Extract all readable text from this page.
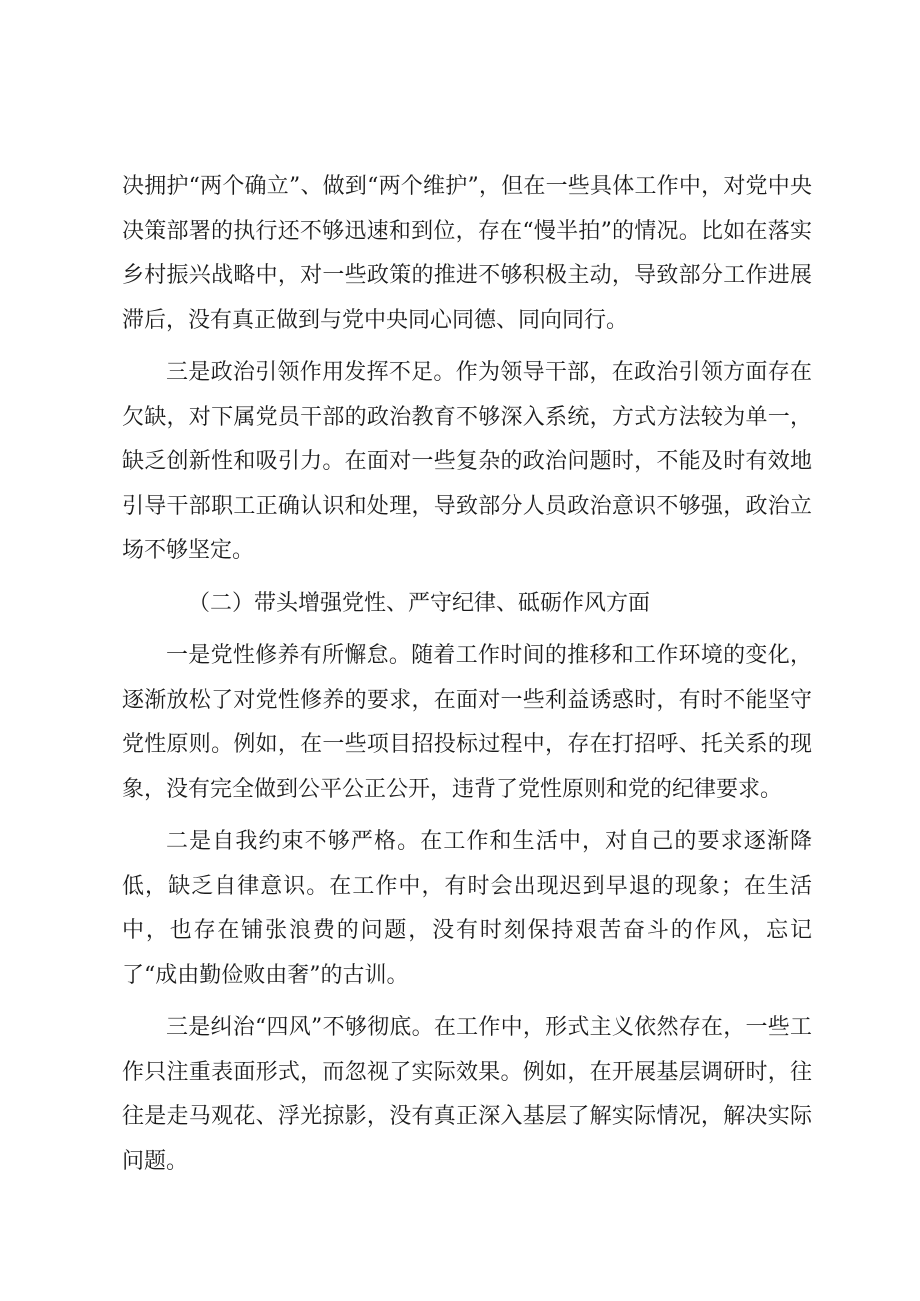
决拥护“两个确立”、做到“两个维护”，但在一些具体工作中，对党中央决策部署的执行还不够迅速和到位，存在“慢半拍”的情况。比如在落实乡村振兴战略中，对一些政策的推进不够积极主动，导致部分工作进展滞后，没有真正做到与党中央同心同德、同向同行。

三是政治引领作用发挥不足。作为领导干部，在政治引领方面存在欠缺，对下属党员干部的政治教育不够深入系统，方式方法较为单一，缺乏创新性和吸引力。在面对一些复杂的政治问题时，不能及时有效地引导干部职工正确认识和处理，导致部分人员政治意识不够强，政治立场不够坚定。

（二）带头增强党性、严守纪律、砥砺作风方面

一是党性修养有所懈怠。随着工作时间的推移和工作环境的变化，逐渐放松了对党性修养的要求，在面对一些利益诱惑时，有时不能坚守党性原则。例如，在一些项目招投标过程中，存在打招呼、托关系的现象，没有完全做到公平公正公开，违背了党性原则和党的纪律要求。

二是自我约束不够严格。在工作和生活中，对自己的要求逐渐降低，缺乏自律意识。在工作中，有时会出现迟到早退的现象；在生活中，也存在铺张浪费的问题，没有时刻保持艰苦奋斗的作风，忘记了“成由勤俭败由奢”的古训。

三是纠治“四风”不够彻底。在工作中，形式主义依然存在，一些工作只注重表面形式，而忽视了实际效果。例如，在开展基层调研时，往往是走马观花、浮光掠影，没有真正深入基层了解实际情况，解决实际问题。
